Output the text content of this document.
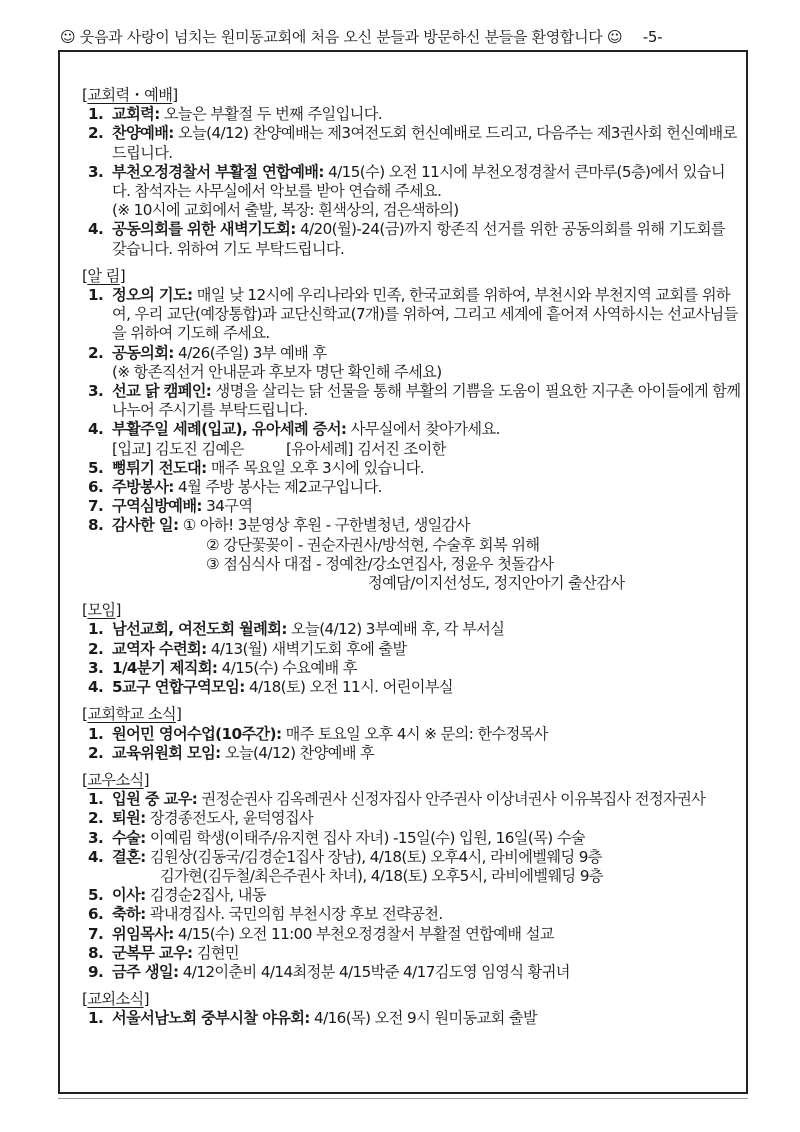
☺ 웃음과 사랑이 넘치는 원미동교회에 처음 오신 분들과 방문하신 분들을 환영합니다 ☺ -5-
[ 교회력・예배 ]
1. 교회력: 오늘은 부활절 두 번째 주일입니다.
2. 찬양예배: 오늘(4/12) 찬양예배는 제3여전도회 헌신예배로 드리고, 다음주는 제3권사회 헌신예배로 드립니다.
3. 부천오정경찰서 부활절 연합예배: 4/15(수) 오전 11시에 부천오정경찰서 큰마루(5층)에서 있습니다. 참석자는 사무실에서 악보를 받아 연습해 주세요.
(※ 10시에 교회에서 출발, 복장: 흰색상의, 검은색하의)
4. 공동의회를 위한 새벽기도회: 4/20(월)-24(금)까지 항존직 선거를 위한 공동의회를 위해 기도회를 갖습니다. 위하여 기도 부탁드립니다.
[ 알 림 ]
1. 정오의 기도: 매일 낮 12시에 우리나라와 민족, 한국교회를 위하여, 부천시와 부천지역 교회를 위하여, 우리 교단(예장통합)과 교단신학교(7개)를 위하여, 그리고 세계에 흩어져 사역하시는 선교사님들을 위하여 기도해 주세요.
2. 공동의회: 4/26(주일) 3부 예배 후
(※ 항존직선거 안내문과 후보자 명단 확인해 주세요)
3. 선교 닭 캠페인: 생명을 살리는 닭 선물을 통해 부활의 기쁨을 도움이 필요한 지구촌 아이들에게 함께 나누어 주시기를 부탁드립니다.
4. 부활주일 세례(입교), 유아세례 증서: 사무실에서 찾아가세요.
[입교] 김도진 김예은          [유아세례] 김서진 조이한
5. 뻥튀기 전도대: 매주 목요일 오후 3시에 있습니다.
6. 주방봉사: 4월 주방 봉사는 제2교구입니다.
7. 구역심방예배: 34구역
8. 감사한 일: ① 아하! 3분영상 후원 - 구한별청년, 생일감사
② 강단꽃꽂이 - 권순자권사/방석현, 수술후 회복 위해
③ 점심식사 대접 - 정예찬/강소연집사, 정윤우 첫돌감사
정예담/이지선성도, 정지안아기 출산감사
[ 모임 ]
1. 남선교회, 여전도회 월례회: 오늘(4/12) 3부예배 후, 각 부서실
2. 교역자 수련회: 4/13(월) 새벽기도회 후에 출발
3. 1/4분기 제직회: 4/15(수) 수요예배 후
4. 5교구 연합구역모임: 4/18(토) 오전 11시. 어린이부실
[ 교회학교 소식 ]
1. 원어민 영어수업(10주간): 매주 토요일 오후 4시 ※ 문의: 한수정목사
2. 교육위원회 모임: 오늘(4/12) 찬양예배 후
[ 교우소식 ]
1. 입원 중 교우: 권정순권사 김옥례권사 신정자집사 안주권사 이상녀권사 이유복집사 전정자권사
2. 퇴원: 장경종전도사, 윤덕영집사
3. 수술: 이예림 학생(이태주/유지현 집사 자녀) -15일(수) 입원, 16일(목) 수술
4. 결혼: 김원상(김동국/김경순1집사 장남), 4/18(토) 오후4시, 라비에벨웨딩 9층
김가현(김두철/최은주권사 차녀), 4/18(토) 오후5시, 라비에벨웨딩 9층
5. 이사: 김경순2집사, 내동
6. 축하: 곽내경집사. 국민의힘 부천시장 후보 전략공천.
7. 위임목사: 4/15(수) 오전 11:00 부천오정경찰서 부활절 연합예배 설교
8. 군복무 교우: 김현민
9. 금주 생일: 4/12이춘비 4/14최정분 4/15박준 4/17김도영 임영식 황귀녀
[ 교외소식 ]
1. 서울서남노회 중부시찰 야유회: 4/16(목) 오전 9시 원미동교회 출발
